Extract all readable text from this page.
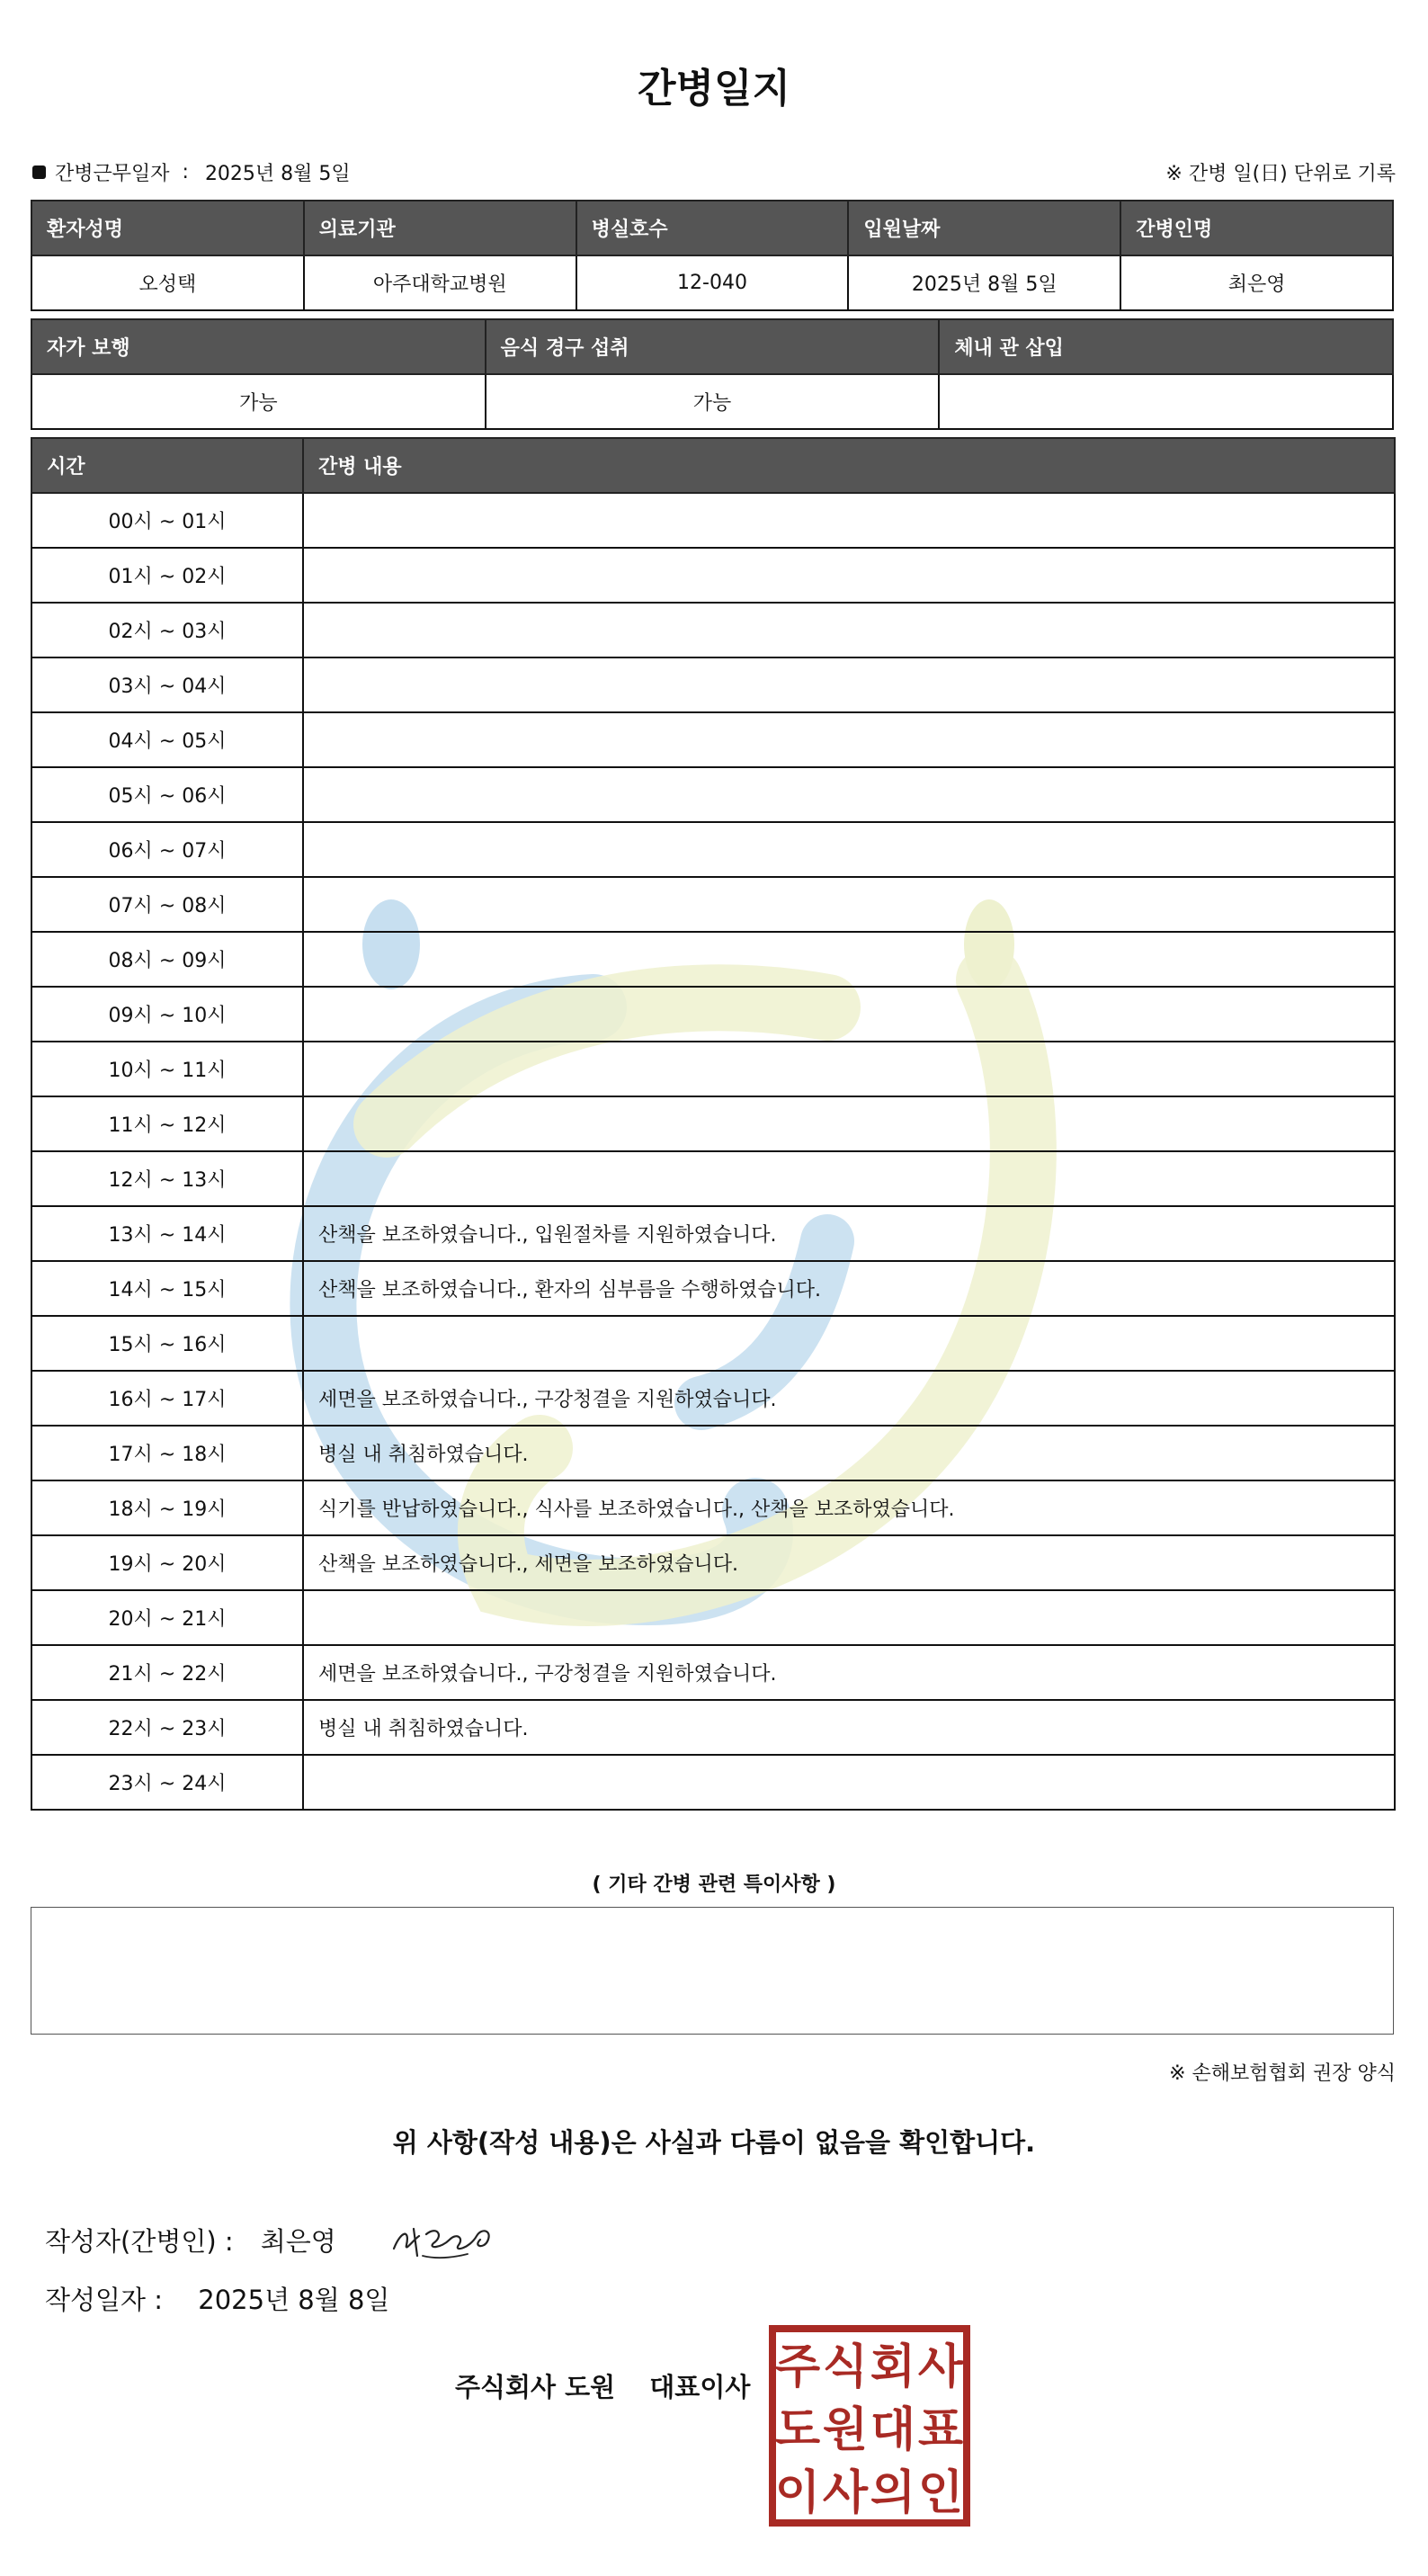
간병일지
간병근무일자 : 2025년 8월 5일	※ 간병 일(日) 단위로 기록
환자성명	의료기관	병실호수	입원날짜	간병인명
오성택	아주대학교병원	12-040	2025년 8월 5일	최은영
자가 보행	음식 경구 섭취	체내 관 삽입
가능	가능	
시간	간병 내용
00시 ~ 01시	
01시 ~ 02시	
02시 ~ 03시	
03시 ~ 04시	
04시 ~ 05시	
05시 ~ 06시	
06시 ~ 07시	
07시 ~ 08시	
08시 ~ 09시	
09시 ~ 10시	
10시 ~ 11시	
11시 ~ 12시	
12시 ~ 13시	
13시 ~ 14시	산책을 보조하였습니다., 입원절차를 지원하였습니다.
14시 ~ 15시	산책을 보조하였습니다., 환자의 심부름을 수행하였습니다.
15시 ~ 16시	
16시 ~ 17시	세면을 보조하였습니다., 구강청결을 지원하였습니다.
17시 ~ 18시	병실 내 취침하였습니다.
18시 ~ 19시	식기를 반납하였습니다., 식사를 보조하였습니다., 산책을 보조하였습니다.
19시 ~ 20시	산책을 보조하였습니다., 세면을 보조하였습니다.
20시 ~ 21시	
21시 ~ 22시	세면을 보조하였습니다., 구강청결을 지원하였습니다.
22시 ~ 23시	병실 내 취침하였습니다.
23시 ~ 24시	
( 기타 간병 관련 특이사항 )
※ 손해보험협회 권장 양식
위 사항(작성 내용)은 사실과 다름이 없음을 확인합니다.
작성자(간병인) : 최은영
작성일자 : 2025년 8월 8일
주식회사 도원 대표이사 주 식 회 사
도 원 대 표
이 사 의 인
